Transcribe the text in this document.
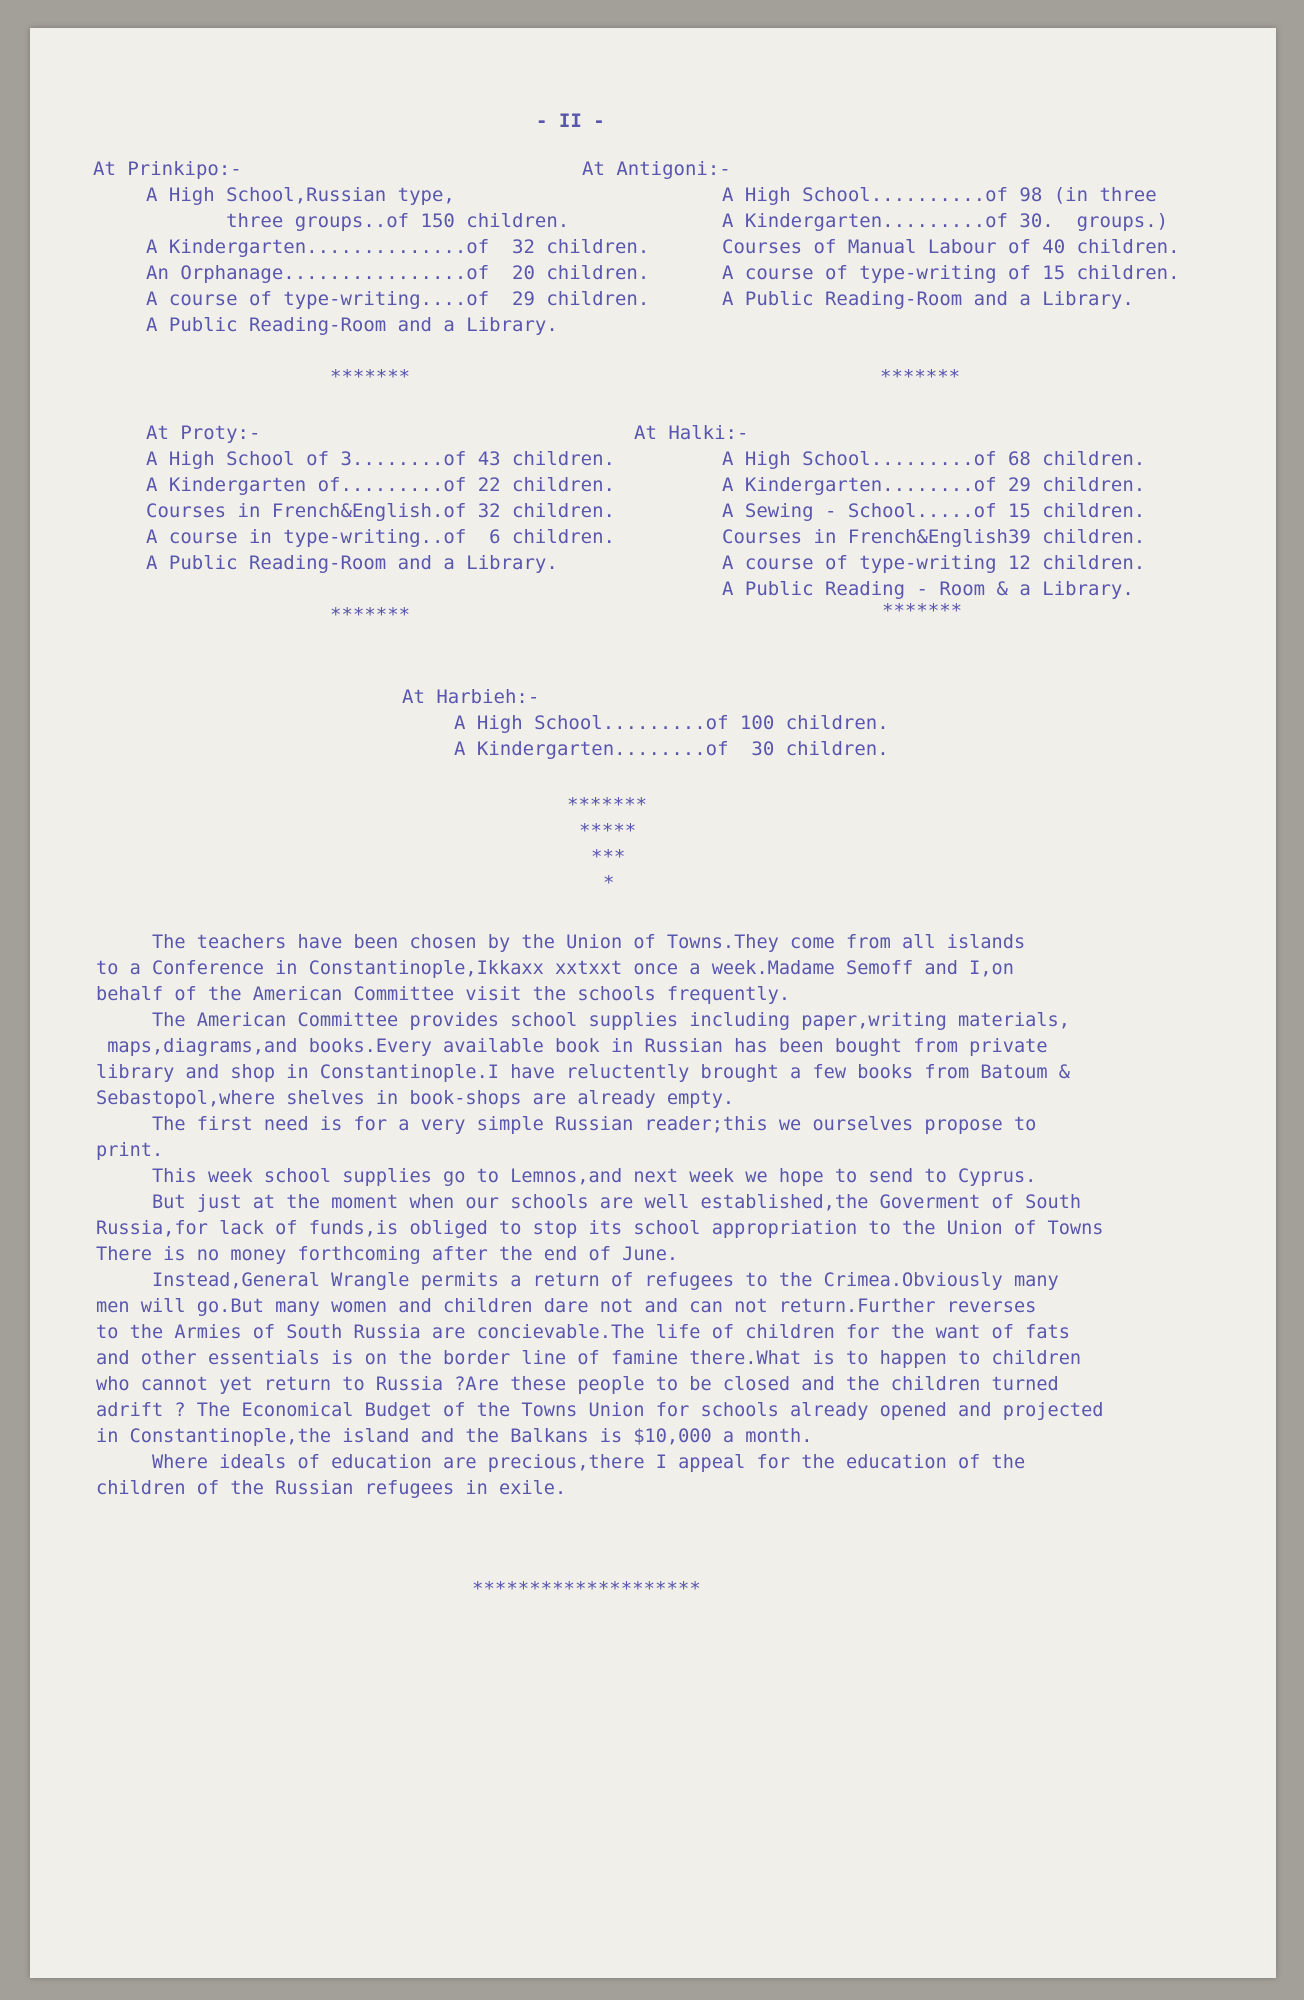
- II -
At Prinkipo:-
A High School,Russian type,
three groups..of 150 children.
A Kindergarten..............of  32 children.
An Orphanage................of  20 children.
A course of type-writing....of  29 children.
A Public Reading-Room and a Library.
*******
At Antigoni:-
A High School..........of 98 (in three
A Kindergarten.........of 30.  groups.)
Courses of Manual Labour of 40 children.
A course of type-writing of 15 children.
A Public Reading-Room and a Library.
*******
At Proty:-
A High School of 3........of 43 children.
A Kindergarten of.........of 22 children.
Courses in French&English.of 32 children.
A course in type-writing..of  6 children.
A Public Reading-Room and a Library.
*******
At Halki:-
A High School.........of 68 children.
A Kindergarten........of 29 children.
A Sewing - School.....of 15 children.
Courses in French&English39 children.
A course of type-writing 12 children.
A Public Reading - Room & a Library.
*******
At Harbieh:-
A High School.........of 100 children.
A Kindergarten........of  30 children.
*******
*****
***
*
The teachers have been chosen by the Union of Towns.They come from all islands
to a Conference in Constantinople,Ikkaxx xxtxxt once a week.Madame Semoff and I,on
behalf of the American Committee visit the schools frequently.
The American Committee provides school supplies including paper,writing materials,
maps,diagrams,and books.Every available book in Russian has been bought from private
library and shop in Constantinople.I have reluctently brought a few books from Batoum &
Sebastopol,where shelves in book-shops are already empty.
The first need is for a very simple Russian reader;this we ourselves propose to
print.
This week school supplies go to Lemnos,and next week we hope to send to Cyprus.
But just at the moment when our schools are well established,the Goverment of South
Russia,for lack of funds,is obliged to stop its school appropriation to the Union of Towns
There is no money forthcoming after the end of June.
Instead,General Wrangle permits a return of refugees to the Crimea.Obviously many
men will go.But many women and children dare not and can not return.Further reverses
to the Armies of South Russia are concievable.The life of children for the want of fats
and other essentials is on the border line of famine there.What is to happen to children
who cannot yet return to Russia ?Are these people to be closed and the children turned
adrift ? The Economical Budget of the Towns Union for schools already opened and projected
in Constantinople,the island and the Balkans is $10,000 a month.
Where ideals of education are precious,there I appeal for the education of the
children of the Russian refugees in exile.
********************
